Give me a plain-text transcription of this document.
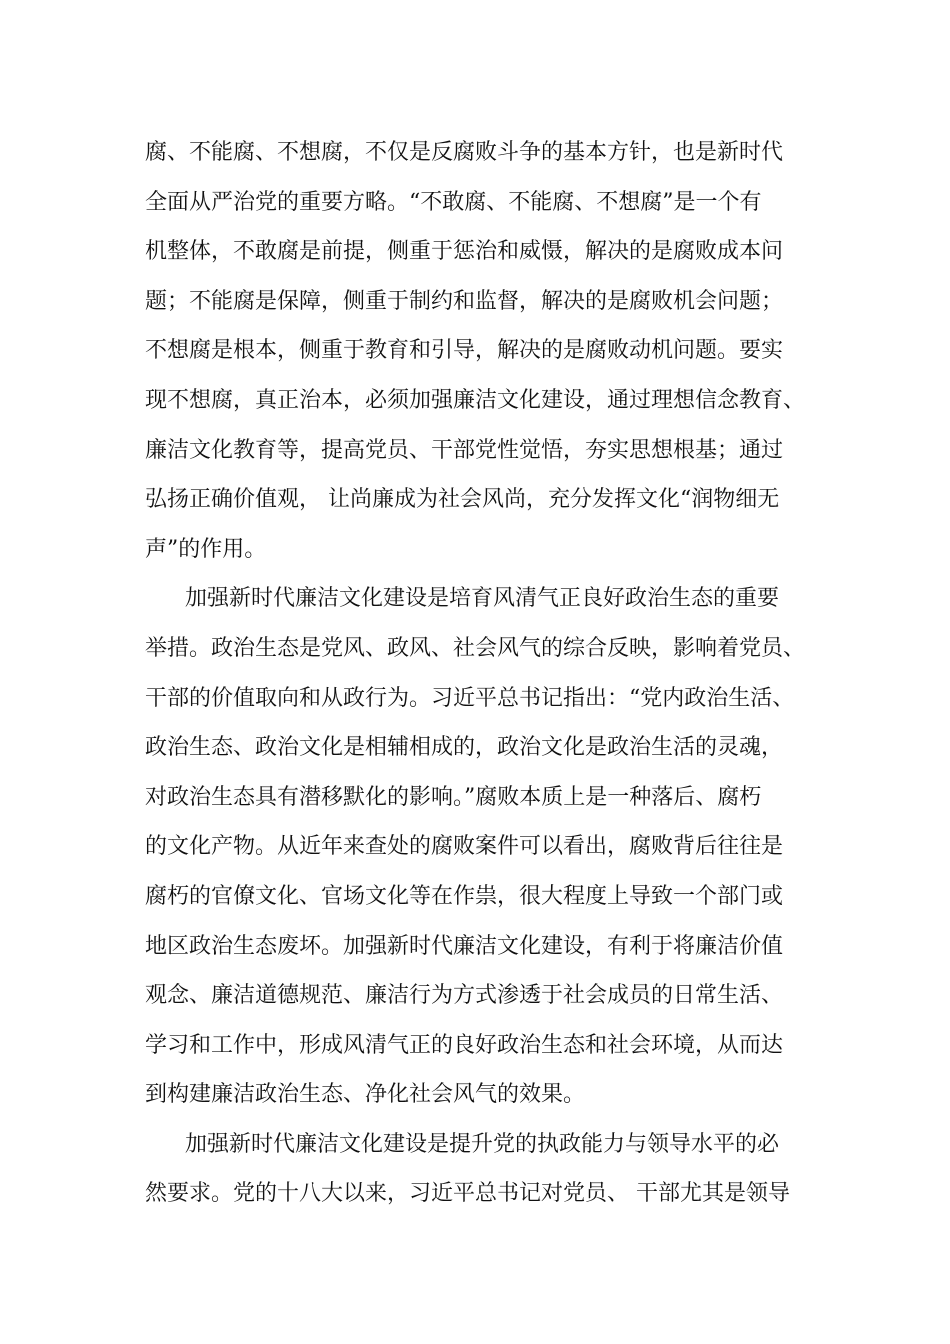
腐、不能腐、不想腐，不仅是反腐败斗争的基本方针，也是新时代
全面从严治党的重要方略。“不敢腐、不能腐、不想腐”是一个有
机整体，不敢腐是前提，侧重于惩治和威慑，解决的是腐败成本问
题；不能腐是保障，侧重于制约和监督，解决的是腐败机会问题；
不想腐是根本，侧重于教育和引导，解决的是腐败动机问题。要实
现不想腐，真正治本，必须加强廉洁文化建设，通过理想信念教育、
廉洁文化教育等，提高党员、干部党性觉悟，夯实思想根基；通过
弘扬正确价值观， 让尚廉成为社会风尚，充分发挥文化“润物细无
声”的作用。
加强新时代廉洁文化建设是培育风清气正良好政治生态的重要
举措。政治生态是党风、政风、社会风气的综合反映，影响着党员、
干部的价值取向和从政行为。习近平总书记指出：“党内政治生活、
政治生态、政治文化是相辅相成的，政治文化是政治生活的灵魂，
对政治生态具有潜移默化的影响。”腐败本质上是一种落后、腐朽
的文化产物。从近年来查处的腐败案件可以看出，腐败背后往往是
腐朽的官僚文化、官场文化等在作祟，很大程度上导致一个部门或
地区政治生态废坏。加强新时代廉洁文化建设，有利于将廉洁价值
观念、廉洁道德规范、廉洁行为方式渗透于社会成员的日常生活、
学习和工作中，形成风清气正的良好政治生态和社会环境，从而达
到构建廉洁政治生态、净化社会风气的效果。
加强新时代廉洁文化建设是提升党的执政能力与领导水平的必
然要求。党的十八大以来，习近平总书记对党员、 干部尤其是领导
